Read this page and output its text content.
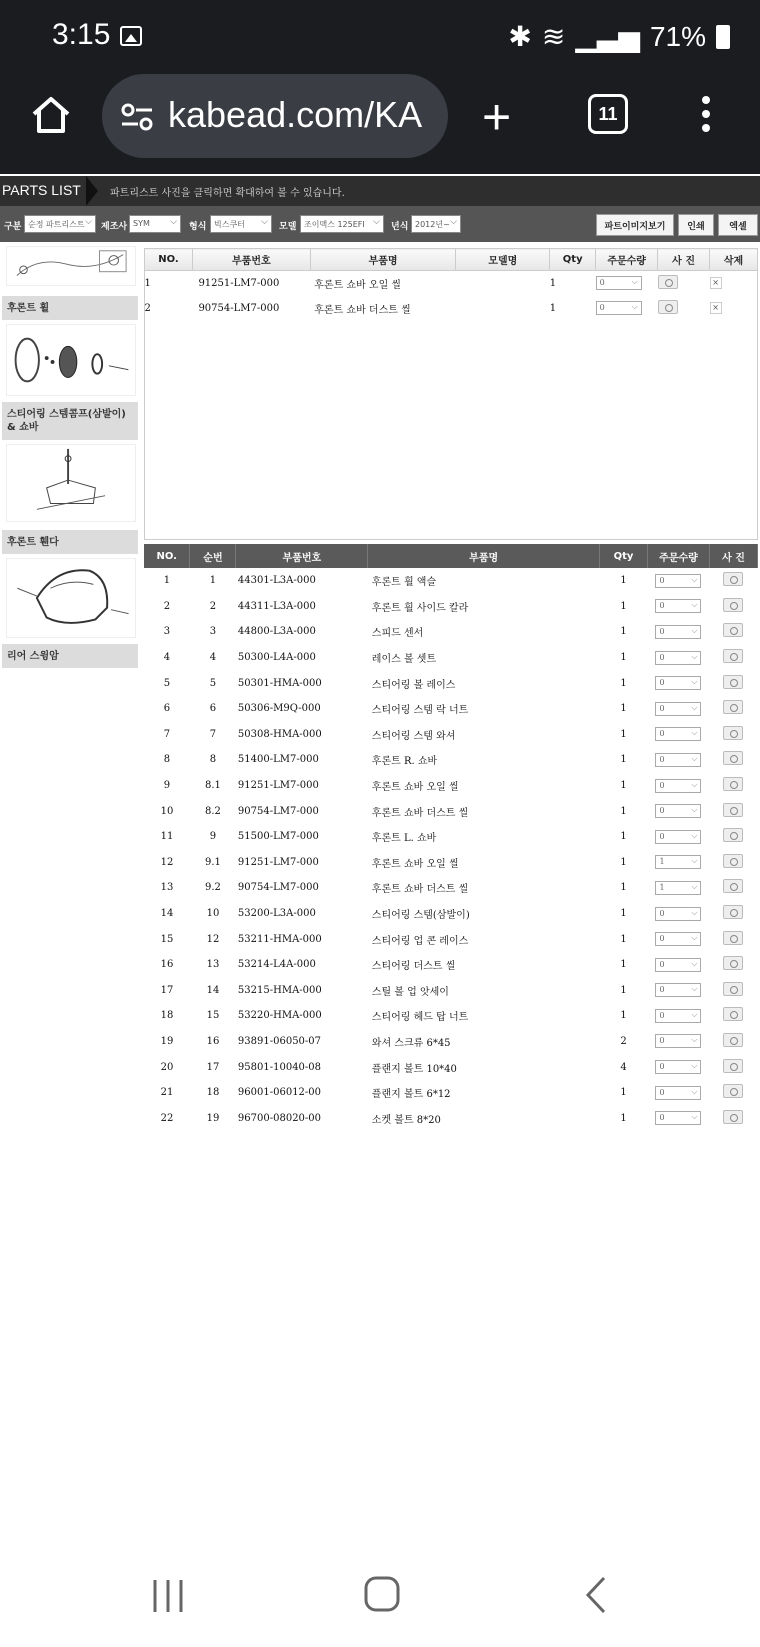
3:15	✱ ≋ ▁▃▅ 71%
kabead.com/KA +	11
PARTS LIST	파트리스트 사진을 클릭하면 확대하여 볼 수 있습니다.
구분 순정 파트리스트 ⌵	제조사 SYM ⌵	형식 빅스쿠터 ⌵	모델 조이맥스 125EFI ⌵	년식 2012년~ ⌵	파트이미지보기	인쇄	엑셀
후론트 휠
스티어링 스템콤프(삼발이) & 쇼바
후론트 휀다
리어 스윙암
NO.	부품번호	부품명	모델명	Qty	주문수량	사 진	삭제
1	91251-LM7-000	후론트 쇼바 오일 씰		1	0 ⌵		×
2	90754-LM7-000	후론트 쇼바 더스트 씰		1	0 ⌵		×
NO.	순번	부품번호	부품명	Qty	주문수량	사 진
1	1	44301-L3A-000	후론트 휠 액슬	1	0 ⌵	
2	2	44311-L3A-000	후론트 휠 사이드 칼라	1	0 ⌵	
3	3	44800-L3A-000	스피드 센서	1	0 ⌵	
4	4	50300-L4A-000	레이스 볼 셋트	1	0 ⌵	
5	5	50301-HMA-000	스티어링 볼 레이스	1	0 ⌵	
6	6	50306-M9Q-000	스티어링 스템 락 너트	1	0 ⌵	
7	7	50308-HMA-000	스티어링 스템 와셔	1	0 ⌵	
8	8	51400-LM7-000	후론트 R. 쇼바	1	0 ⌵	
9	8.1	91251-LM7-000	후론트 쇼바 오일 씰	1	0 ⌵	
10	8.2	90754-LM7-000	후론트 쇼바 더스트 씰	1	0 ⌵	
11	9	51500-LM7-000	후론트 L. 쇼바	1	0 ⌵	
12	9.1	91251-LM7-000	후론트 쇼바 오일 씰	1	1 ⌵	
13	9.2	90754-LM7-000	후론트 쇼바 더스트 씰	1	1 ⌵	
14	10	53200-L3A-000	스티어링 스템(삼발이)	1	0 ⌵	
15	12	53211-HMA-000	스티어링 업 콘 레이스	1	0 ⌵	
16	13	53214-L4A-000	스티어링 더스트 씰	1	0 ⌵	
17	14	53215-HMA-000	스틸 볼 업 앗세이	1	0 ⌵	
18	15	53220-HMA-000	스티어링 헤드 탑 너트	1	0 ⌵	
19	16	93891-06050-07	와셔 스크류 6*45	2	0 ⌵	
20	17	95801-10040-08	플랜지 볼트 10*40	4	0 ⌵	
21	18	96001-06012-00	플랜지 볼트 6*12	1	0 ⌵	
22	19	96700-08020-00	소켓 볼트 8*20	1	0 ⌵	
